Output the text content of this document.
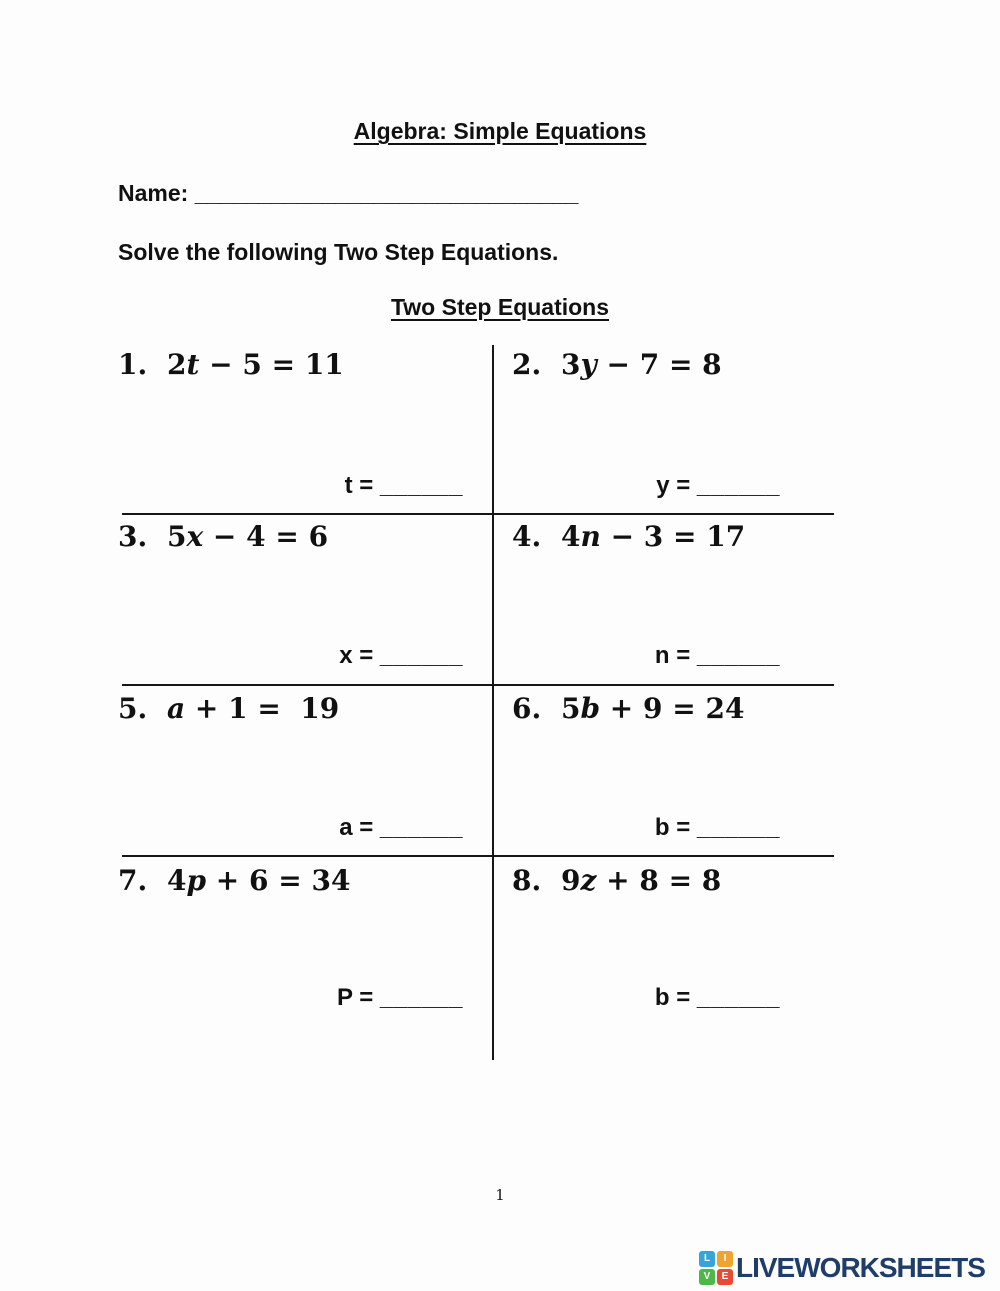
Algebra: Simple Equations
Name: ______________________________
Solve the following Two Step Equations.
Two Step Equations
1. 2t − 5 = 11
t = ______
2. 3y − 7 = 8
y = ______
3. 5x − 4 = 6
x = ______
4. 4n − 3 = 17
n = ______
5. a + 1 =  19
a = ______
6. 5b + 9 = 24
b = ______
7. 4p + 6 = 34
P = ______
8. 9z + 8 = 8
b = ______
1
L	I
V	E LIVEWORKSHEETS
